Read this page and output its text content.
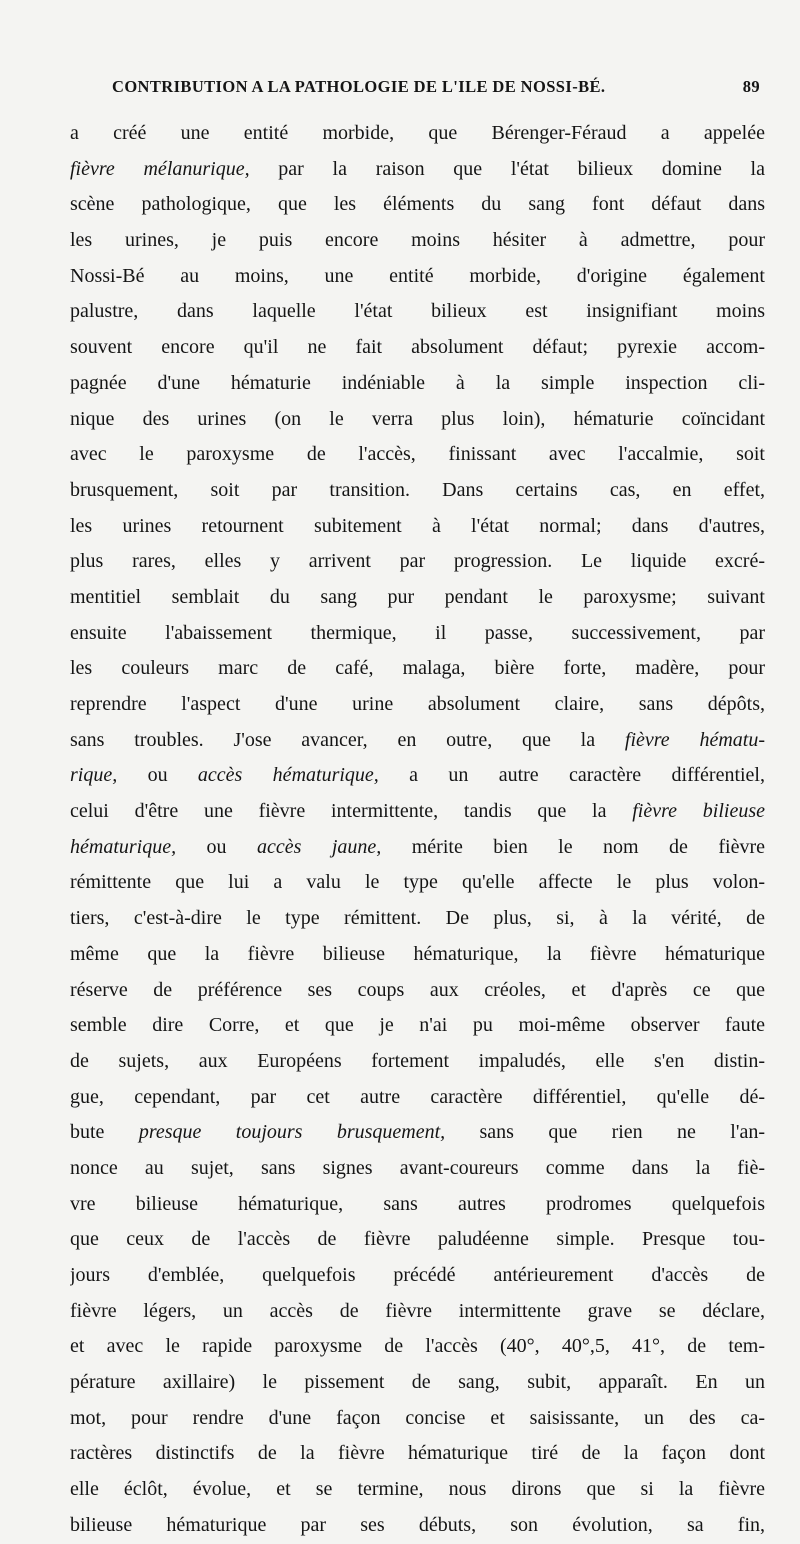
CONTRIBUTION A LA PATHOLOGIE DE L'ILE DE NOSSI-BÉ.	89
a créé une entité morbide, que Bérenger-Féraud a appelée
fièvre mélanurique, par la raison que l'état bilieux domine la
scène pathologique, que les éléments du sang font défaut dans
les urines, je puis encore moins hésiter à admettre, pour
Nossi-Bé au moins, une entité morbide, d'origine également
palustre, dans laquelle l'état bilieux est insignifiant moins
souvent encore qu'il ne fait absolument défaut; pyrexie accom-
pagnée d'une hématurie indéniable à la simple inspection cli-
nique des urines (on le verra plus loin), hématurie coïncidant
avec le paroxysme de l'accès, finissant avec l'accalmie, soit
brusquement, soit par transition. Dans certains cas, en effet,
les urines retournent subitement à l'état normal; dans d'autres,
plus rares, elles y arrivent par progression. Le liquide excré-
mentitiel semblait du sang pur pendant le paroxysme; suivant
ensuite l'abaissement thermique, il passe, successivement, par
les couleurs marc de café, malaga, bière forte, madère, pour
reprendre l'aspect d'une urine absolument claire, sans dépôts,
sans troubles. J'ose avancer, en outre, que la fièvre hématu-
rique, ou accès hématurique, a un autre caractère différentiel,
celui d'être une fièvre intermittente, tandis que la fièvre bilieuse
hématurique, ou accès jaune, mérite bien le nom de fièvre
rémittente que lui a valu le type qu'elle affecte le plus volon-
tiers, c'est-à-dire le type rémittent. De plus, si, à la vérité, de
même que la fièvre bilieuse hématurique, la fièvre hématurique
réserve de préférence ses coups aux créoles, et d'après ce que
semble dire Corre, et que je n'ai pu moi-même observer faute
de sujets, aux Européens fortement impaludés, elle s'en distin-
gue, cependant, par cet autre caractère différentiel, qu'elle dé-
bute presque toujours brusquement, sans que rien ne l'an-
nonce au sujet, sans signes avant-coureurs comme dans la fiè-
vre bilieuse hématurique, sans autres prodromes quelquefois
que ceux de l'accès de fièvre paludéenne simple. Presque tou-
jours d'emblée, quelquefois précédé antérieurement d'accès de
fièvre légers, un accès de fièvre intermittente grave se déclare,
et avec le rapide paroxysme de l'accès (40°, 40°,5, 41°, de tem-
pérature axillaire) le pissement de sang, subit, apparaît. En un
mot, pour rendre d'une façon concise et saisissante, un des ca-
ractères distinctifs de la fièvre hématurique tiré de la façon dont
elle éclôt, évolue, et se termine, nous dirons que si la fièvre
bilieuse hématurique par ses débuts, son évolution, sa fin,
